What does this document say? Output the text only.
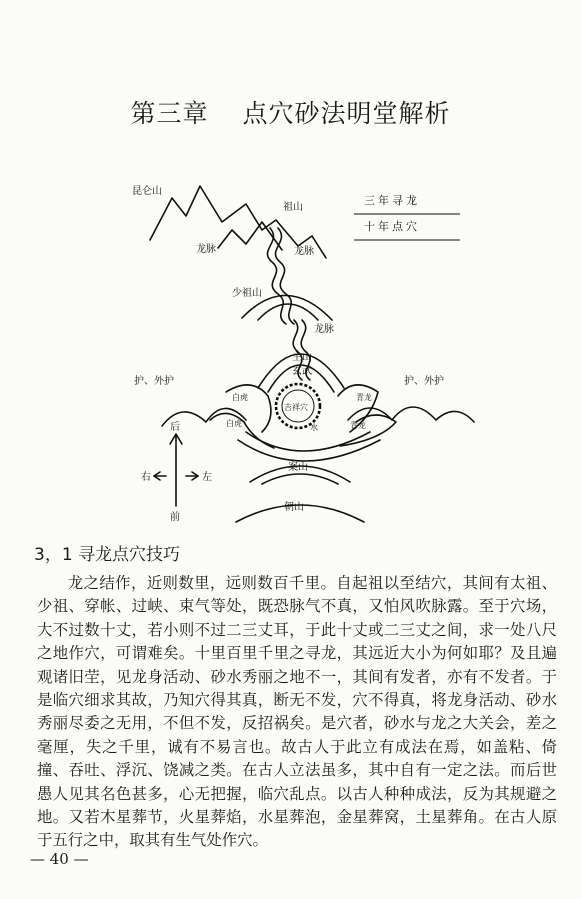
第三章 点穴砂法明堂解析
三年寻龙
十年点穴
昆仑山
祖山
龙脉	龙脉
少祖山
龙脉
主山
玄武
护、外护	护、外护
白虎	青龙
吉祥穴
白虎	青龙
水
案山
朝山
后
右	左
前
3，1 寻龙点穴技巧

龙之结作，近则数里，远则数百千里。自起祖以至结穴，其间有太祖、少祖、穿帐、过峡、束气等处，既恐脉气不真，又怕风吹脉露。至于穴场，大不过数十丈，若小则不过二三丈耳，于此十丈或二三丈之间，求一处八尺之地作穴，可谓难矣。十里百里千里之寻龙，其远近大小为何如耶？及且遍观诸旧茔，见龙身活动、砂水秀丽之地不一，其间有发者，亦有不发者。于是临穴细求其故，乃知穴得其真，断无不发，穴不得真，将龙身活动、砂水秀丽尽委之无用，不但不发，反招祸矣。是穴者，砂水与龙之大关会，差之毫厘，失之千里，诚有不易言也。故古人于此立有成法在焉，如盖粘、倚撞、吞吐、浮沉、饶减之类。在古人立法虽多，其中自有一定之法。而后世愚人见其名色甚多，心无把握，临穴乱点。以古人种种成法，反为其规避之地。又若木星葬节，火星葬焰，水星葬泡，金星葬窝，土星葬角。在古人原于五行之中，取其有生气处作穴。

— 40 —
